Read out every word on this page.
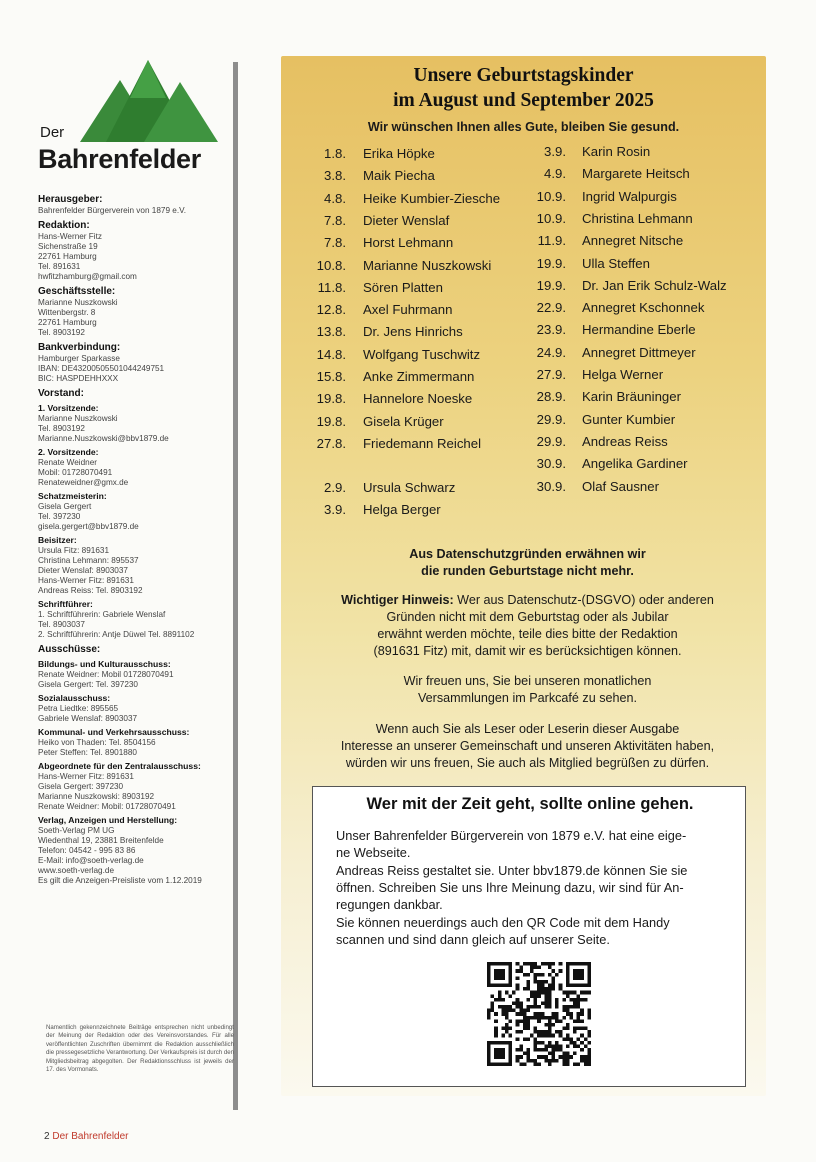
Der
Bahrenfelder
Herausgeber:
Bahrenfelder Bürgerverein von 1879 e.V.
Redaktion:
Hans-Werner Fitz
Sichenstraße 19
22761 Hamburg
Tel. 891631
hwfitzhamburg@gmail.com
Geschäftsstelle:
Marianne Nuszkowski
Wittenbergstr. 8
22761 Hamburg
Tel. 8903192
Bankverbindung:
Hamburger Sparkasse
IBAN: DE43200505501044249751
BIC: HASPDEHHXXX
Vorstand:
1. Vorsitzende:
Marianne Nuszkowski
Tel. 8903192
Marianne.Nuszkowski@bbv1879.de
2. Vorsitzende:
Renate Weidner
Mobil: 01728070491
Renateweidner@gmx.de
Schatzmeisterin:
Gisela Gergert
Tel. 397230
gisela.gergert@bbv1879.de
Beisitzer:
Ursula Fitz: 891631
Christina Lehmann: 895537
Dieter Wenslaf: 8903037
Hans-Werner Fitz: 891631
Andreas Reiss: Tel. 8903192
Schriftführer:
1. Schriftführerin: Gabriele Wenslaf
Tel. 8903037
2. Schriftführerin: Antje Düwel Tel. 8891102
Ausschüsse:
Bildungs- und Kulturausschuss:
Renate Weidner: Mobil 01728070491
Gisela Gergert: Tel. 397230
Sozialausschuss:
Petra Liedtke: 895565
Gabriele Wenslaf: 8903037
Kommunal- und Verkehrsausschuss:
Heiko von Thaden: Tel. 8504156
Peter Steffen: Tel. 8901880
Abgeordnete für den Zentralausschuss:
Hans-Werner Fitz: 891631
Gisela Gergert: 397230
Marianne Nuszkowski: 8903192
Renate Weidner: Mobil: 01728070491
Verlag, Anzeigen und Herstellung:
Soeth-Verlag PM UG
Wiedenthal 19, 23881 Breitenfelde
Telefon: 04542 - 995 83 86
E-Mail: info@soeth-verlag.de
www.soeth-verlag.de
Es gilt die Anzeigen-Preisliste vom 1.12.2019
Namentlich gekennzeichnete Beiträge entsprechen nicht unbedingt der Meinung der Redaktion oder des Vereinsvorstandes. Für alle veröffentlichten Zuschriften übernimmt die Redaktion ausschließlich die pressegesetzliche Verantwortung. Der Verkaufspreis ist durch den Mitgliedsbeitrag abgegolten. Der Redaktionsschluss ist jeweils der 17. des Vormonats.
2 Der Bahrenfelder
Unsere Geburtstagskinder
im August und September 2025
Wir wünschen Ihnen alles Gute, bleiben Sie gesund.
1.8. Erika Höpke
3.8. Maik Piecha
4.8. Heike Kumbier-Ziesche
7.8. Dieter Wenslaf
7.8. Horst Lehmann
10.8. Marianne Nuszkowski
11.8. Sören Platten
12.8. Axel Fuhrmann
13.8. Dr. Jens Hinrichs
14.8. Wolfgang Tuschwitz
15.8. Anke Zimmermann
19.8. Hannelore Noeske
19.8. Gisela Krüger
27.8. Friedemann Reichel
2.9. Ursula Schwarz
3.9. Helga Berger
3.9. Karin Rosin
4.9. Margarete Heitsch
10.9. Ingrid Walpurgis
10.9. Christina Lehmann
11.9. Annegret Nitsche
19.9. Ulla Steffen
19.9. Dr. Jan Erik Schulz-Walz
22.9. Annegret Kschonnek
23.9. Hermandine Eberle
24.9. Annegret Dittmeyer
27.9. Helga Werner
28.9. Karin Bräuninger
29.9. Gunter Kumbier
29.9. Andreas Reiss
30.9. Angelika Gardiner
30.9. Olaf Sausner
Aus Datenschutzgründen erwähnen wir
die runden Geburtstage nicht mehr.
Wichtiger Hinweis: Wer aus Datenschutz-(DSGVO) oder anderen
Gründen nicht mit dem Geburtstag oder als Jubilar
erwähnt werden möchte, teile dies bitte der Redaktion
(891631 Fitz) mit, damit wir es berücksichtigen können.
Wir freuen uns, Sie bei unseren monatlichen
Versammlungen im Parkcafé zu sehen.
Wenn auch Sie als Leser oder Leserin dieser Ausgabe
Interesse an unserer Gemeinschaft und unseren Aktivitäten haben,
würden wir uns freuen, Sie auch als Mitglied begrüßen zu dürfen.
Wer mit der Zeit geht, sollte online gehen.
Unser Bahrenfelder Bürgerverein von 1879 e.V. hat eine eige-
ne Webseite.
Andreas Reiss gestaltet sie. Unter bbv1879.de können Sie sie
öffnen. Schreiben Sie uns Ihre Meinung dazu, wir sind für An-
regungen dankbar.
Sie können neuerdings auch den QR Code mit dem Handy
scannen und sind dann gleich auf unserer Seite.
